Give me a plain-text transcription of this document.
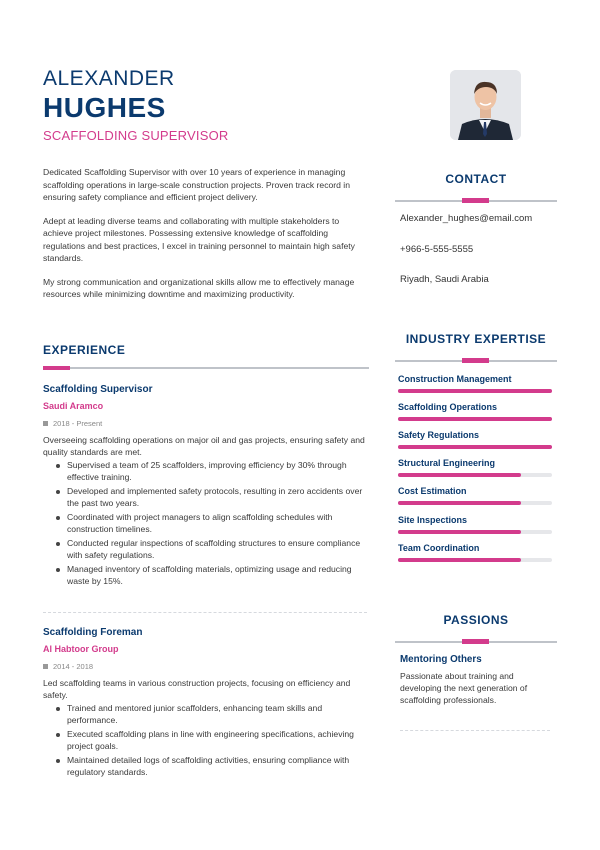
ALEXANDER
HUGHES
SCAFFOLDING SUPERVISOR

Dedicated Scaffolding Supervisor with over 10 years of experience in managing scaffolding operations in large-scale construction projects. Proven track record in ensuring safety compliance and efficient project delivery.

Adept at leading diverse teams and collaborating with multiple stakeholders to achieve project milestones. Possessing extensive knowledge of scaffolding regulations and best practices, I excel in training personnel to maintain high safety standards.

My strong communication and organizational skills allow me to effectively manage resources while minimizing downtime and maximizing productivity.

EXPERIENCE
Scaffolding Supervisor
Saudi Aramco
2018 - Present
Overseeing scaffolding operations on major oil and gas projects, ensuring safety and quality standards are met.
Supervised a team of 25 scaffolders, improving efficiency by 30% through effective training.
Developed and implemented safety protocols, resulting in zero accidents over the past two years.
Coordinated with project managers to align scaffolding schedules with construction timelines.
Conducted regular inspections of scaffolding structures to ensure compliance with safety regulations.
Managed inventory of scaffolding materials, optimizing usage and reducing waste by 15%.
Scaffolding Foreman
Al Habtoor Group
2014 - 2018
Led scaffolding teams in various construction projects, focusing on efficiency and safety.
Trained and mentored junior scaffolders, enhancing team skills and performance.
Executed scaffolding plans in line with engineering specifications, achieving project goals.
Maintained detailed logs of scaffolding activities, ensuring compliance with regulatory standards.
CONTACT
Alexander_hughes@email.com
+966-5-555-5555
Riyadh, Saudi Arabia
INDUSTRY EXPERTISE
Construction Management
Scaffolding Operations
Safety Regulations
Structural Engineering
Cost Estimation
Site Inspections
Team Coordination
PASSIONS
Mentoring Others
Passionate about training and developing the next generation of scaffolding professionals.
